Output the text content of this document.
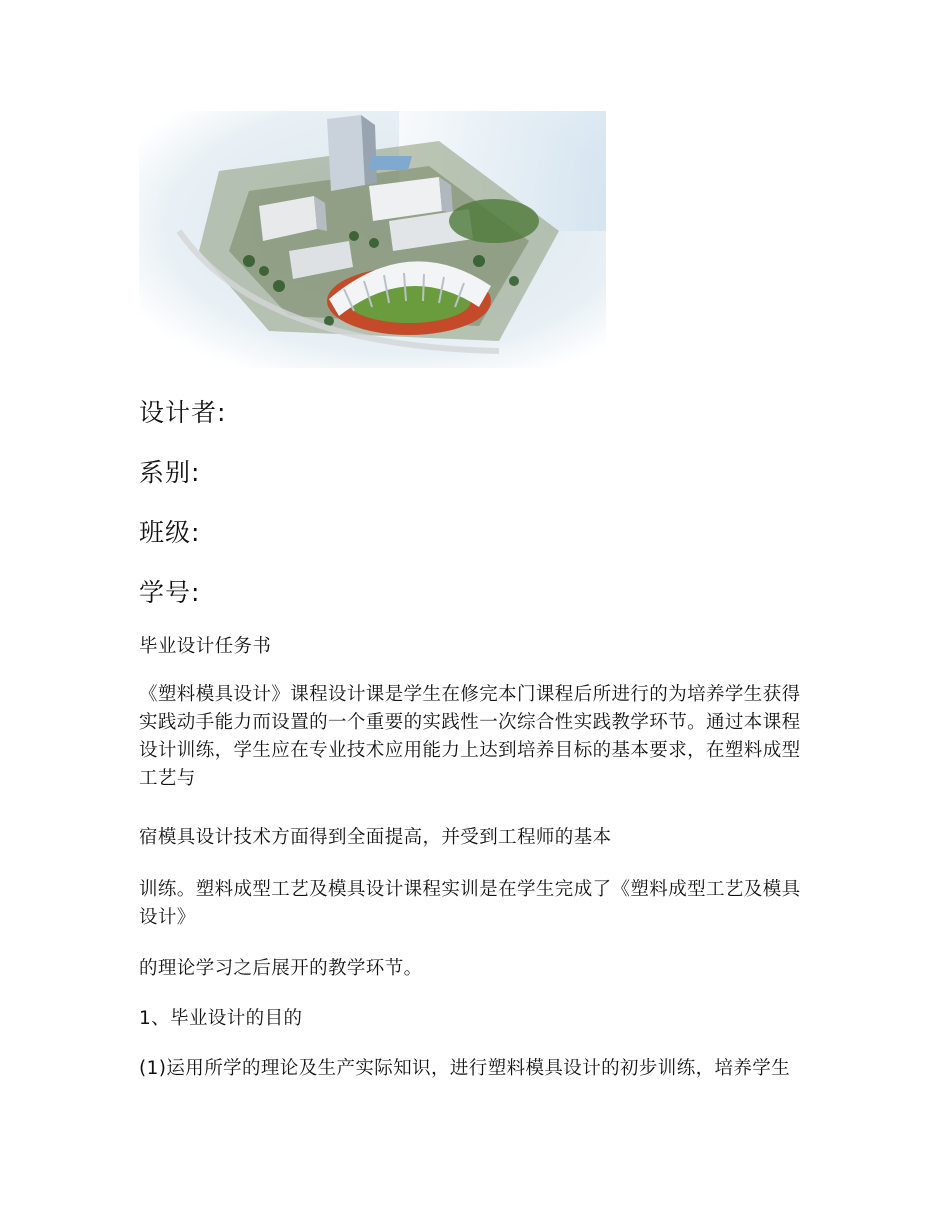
设计者:
系别:
班级:
学号:

毕业设计任务书

《塑料模具设计》课程设计课是学生在修完本门课程后所进行的为培养学生获得实践动手能力而设置的一个重要的实践性一次综合性实践教学环节。通过本课程设计训练，学生应在专业技术应用能力上达到培养目标的基本要求，在塑料成型工艺与

宿模具设计技术方面得到全面提高，并受到工程师的基本

训练。塑料成型工艺及模具设计课程实训是在学生完成了《塑料成型工艺及模具设计》

的理论学习之后展开的教学环节。

1、毕业设计的目的

(1)运用所学的理论及生产实际知识，进行塑料模具设计的初步训练，培养学生
